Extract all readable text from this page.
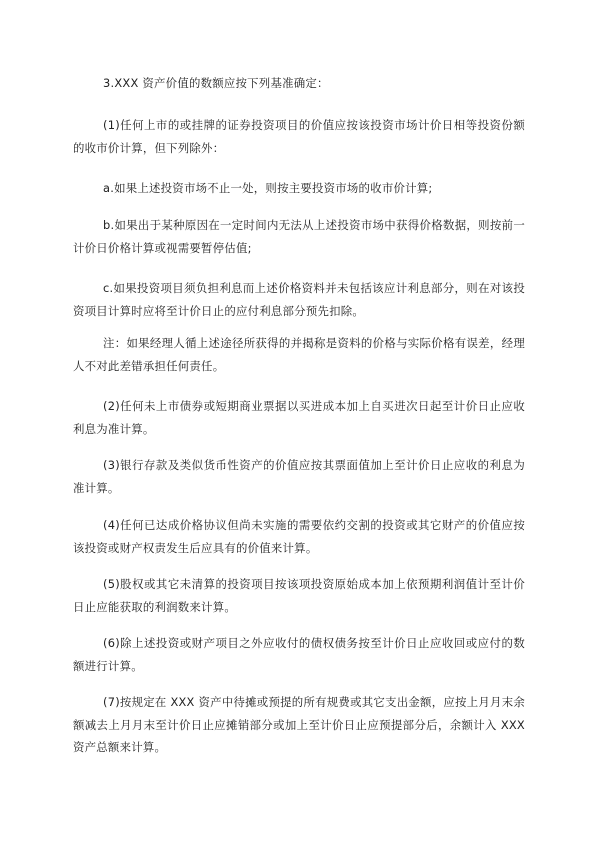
3.XXX 资产价值的数额应按下列基准确定：

(1)任何上市的或挂牌的证券投资项目的价值应按该投资市场计价日相等投资份额的收市价计算，但下列除外：

a.如果上述投资市场不止一处，则按主要投资市场的收市价计算;

b.如果出于某种原因在一定时间内无法从上述投资市场中获得价格数据，则按前一计价日价格计算或视需要暂停估值;

c.如果投资项目须负担利息而上述价格资料并未包括该应计利息部分，则在对该投资项目计算时应将至计价日止的应付利息部分预先扣除。

注：如果经理人循上述途径所获得的并揭称是资料的价格与实际价格有误差，经理人不对此差错承担任何责任。

(2)任何未上市债券或短期商业票据以买进成本加上自买进次日起至计价日止应收利息为准计算。

(3)银行存款及类似货币性资产的价值应按其票面值加上至计价日止应收的利息为准计算。

(4)任何已达成价格协议但尚未实施的需要依约交割的投资或其它财产的价值应按该投资或财产权责发生后应具有的价值来计算。

(5)股权或其它未清算的投资项目按该项投资原始成本加上依预期利润值计至计价日止应能获取的利润数来计算。

(6)除上述投资或财产项目之外应收付的债权债务按至计价日止应收回或应付的数额进行计算。

(7)按规定在 XXX 资产中待摊或预提的所有规费或其它支出金额，应按上月月末余额减去上月月末至计价日止应摊销部分或加上至计价日止应预提部分后，余额计入 XXX 资产总额来计算。
